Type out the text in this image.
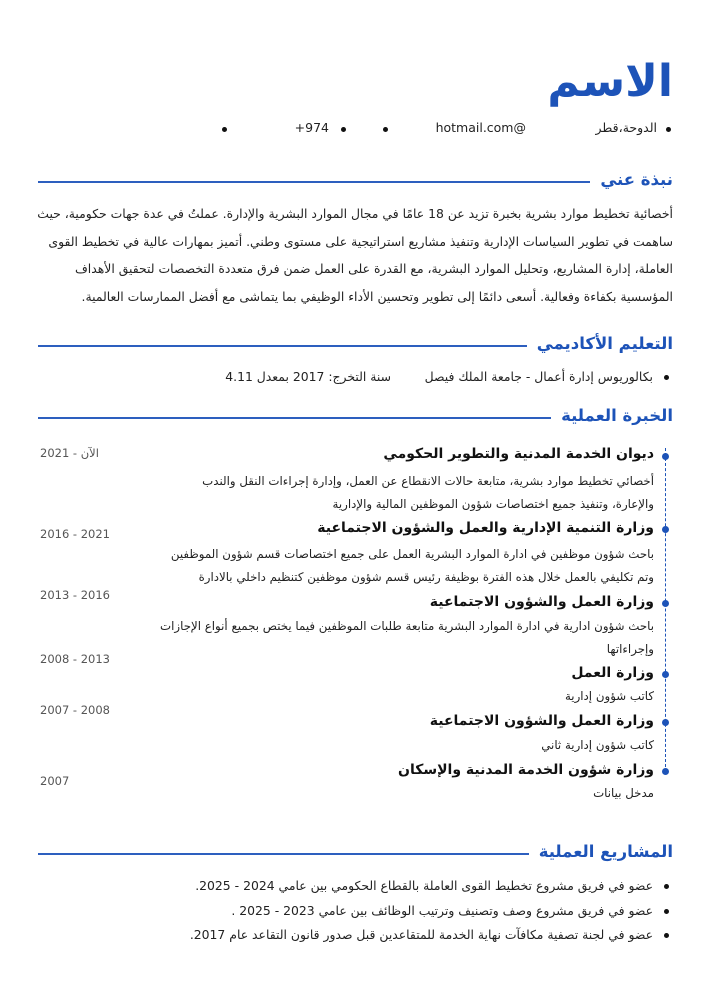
الاسم
الدوحة،قطر
@hotmail.com
+974
نبذة عني
أخصائية تخطيط موارد بشرية بخبرة تزيد عن 18 عامًا في مجال الموارد البشرية والإدارة. عملتُ في عدة جهات حكومية، حيث
ساهمت في تطوير السياسات الإدارية وتنفيذ مشاريع استراتيجية على مستوى وطني. أتميز بمهارات عالية في تخطيط القوى
العاملة، إدارة المشاريع، وتحليل الموارد البشرية، مع القدرة على العمل ضمن فرق متعددة التخصصات لتحقيق الأهداف
المؤسسية بكفاءة وفعالية. أسعى دائمًا إلى تطوير وتحسين الأداء الوظيفي بما يتماشى مع أفضل الممارسات العالمية.
التعليم الأكاديمي
بكالوريوس إدارة أعمال - جامعة الملك فيصل
سنة التخرج: 2017 بمعدل 4.11
الخبرة العملية
ديوان الخدمة المدنية والتطوير الحكومي
2021 - الآن
أخصائي تخطيط موارد بشرية، متابعة حالات الانقطاع عن العمل، وإدارة إجراءات النقل والندب
والإعارة، وتنفيذ جميع اختصاصات شؤون الموظفين المالية والإدارية
وزارة التنمية الإدارية والعمل والشؤون الاجتماعية
2016 - 2021
باحث شؤون موظفين في ادارة الموارد البشرية العمل على جميع اختصاصات قسم شؤون الموظفين
وتم تكليفي بالعمل خلال هذه الفترة بوظيفة رئيس قسم شؤون موظفين كتنظيم داخلي بالادارة
وزارة العمل والشؤون الاجتماعية
2013 - 2016
باحث شؤون ادارية في ادارة الموارد البشرية متابعة طلبات الموظفين فيما يختص بجميع أنواع الإجازات
وإجراءاتها
وزارة العمل
2008 - 2013
كاتب شؤون إدارية
وزارة العمل والشؤون الاجتماعية
2007 - 2008
كاتب شؤون إدارية ثاني
وزارة شؤون الخدمة المدنية والإسكان
2007
مدخل بيانات
المشاريع العملية
عضو في فريق مشروع تخطيط القوى العاملة بالقطاع الحكومي بين عامي 2024 - 2025.
عضو في فريق مشروع وصف وتصنيف وترتيب الوظائف بين عامي 2023 - 2025 .
عضو في لجنة تصفية مكافآت نهاية الخدمة للمتقاعدين قبل صدور قانون التقاعد عام 2017.
